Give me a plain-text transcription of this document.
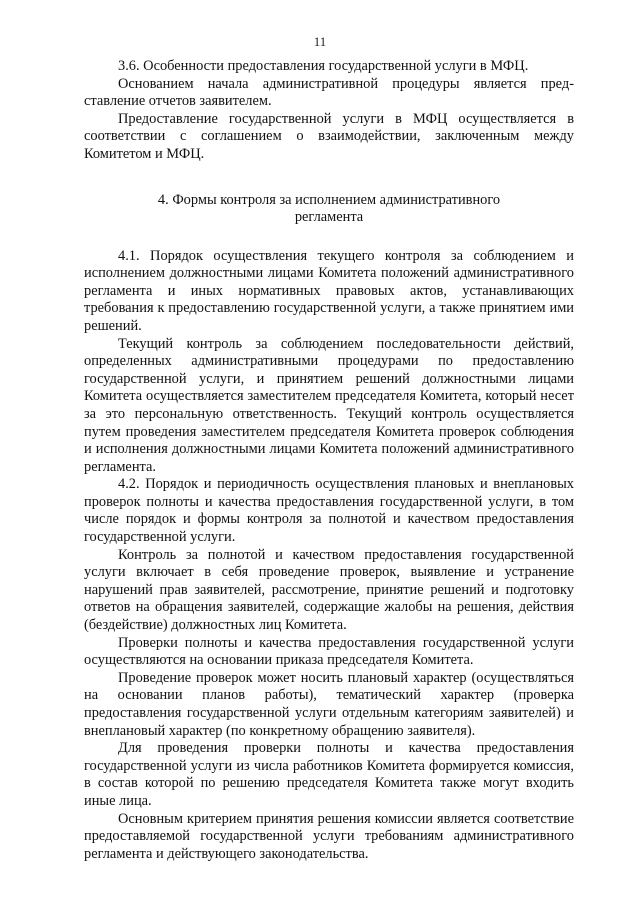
11

3.6. Особенности предоставления государственной услуги в МФЦ.

Основанием начала административной процедуры является представление отчетов заявителем.

Предоставление государственной услуги в МФЦ осуществляется в соответствии с соглашением о взаимодействии, заключенным между Комитетом и МФЦ.

4. Формы контроля за исполнением административного
регламента

4.1. Порядок осуществления текущего контроля за соблюдением и исполнением должностными лицами Комитета положений административного регламента и иных нормативных правовых актов, устанавливающих требования к предоставлению государственной услуги, а также принятием ими решений.

Текущий контроль за соблюдением последовательности действий, определенных административными процедурами по предоставлению государственной услуги, и принятием решений должностными лицами Комитета осуществляется заместителем председателя Комитета, который несет за это персональную ответственность. Текущий контроль осуществляется путем проведения заместителем председателя Комитета проверок соблюдения и исполнения должностными лицами Комитета положений административного регламента.

4.2. Порядок и периодичность осуществления плановых и внеплановых проверок полноты и качества предоставления государственной услуги, в том числе порядок и формы контроля за полнотой и качеством предоставления государственной услуги.

Контроль за полнотой и качеством предоставления государственной услуги включает в себя проведение проверок, выявление и устранение нарушений прав заявителей, рассмотрение, принятие решений и подготовку ответов на обращения заявителей, содержащие жалобы на решения, действия (бездействие) должностных лиц Комитета.

Проверки полноты и качества предоставления государственной услуги осуществляются на основании приказа председателя Комитета.

Проведение проверок может носить плановый характер (осуществляться на основании планов работы), тематический характер (проверка предоставления государственной услуги отдельным категориям заявителей) и внеплановый характер (по конкретному обращению заявителя).

Для проведения проверки полноты и качества предоставления государственной услуги из числа работников Комитета формируется комиссия, в состав которой по решению председателя Комитета также могут входить иные лица.

Основным критерием принятия решения комиссии является соответствие предоставляемой государственной услуги требованиям административного регламента и действующего законодательства.
